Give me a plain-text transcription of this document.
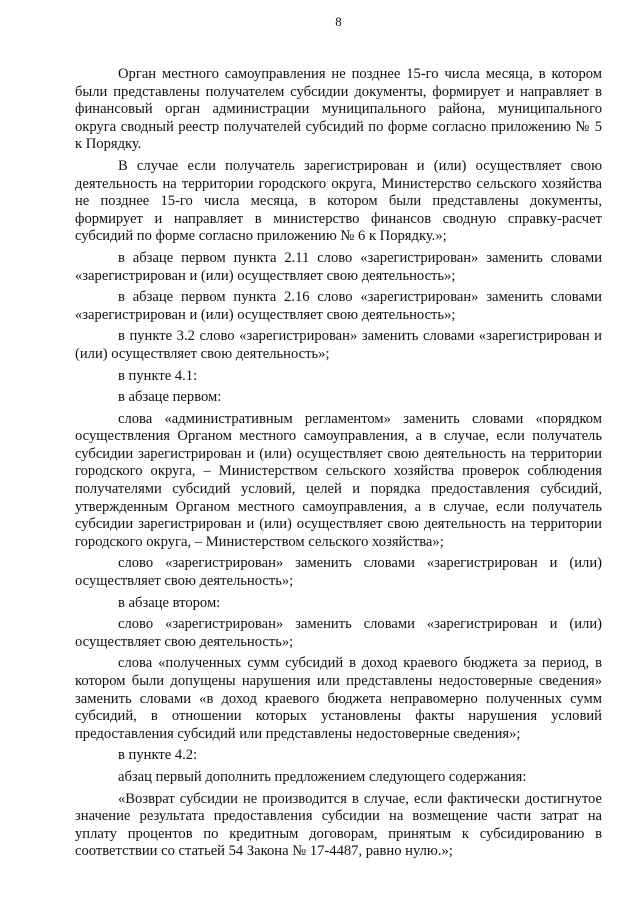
8

Орган местного самоуправления не позднее 15-го числа месяца, в котором были представлены получателем субсидии документы, формирует и направляет в финансовый орган администрации муниципального района, муниципального округа сводный реестр получателей субсидий по форме согласно приложению № 5 к Порядку.

В случае если получатель зарегистрирован и (или) осуществляет свою деятельность на территории городского округа, Министерство сельского хозяйства не позднее 15-го числа месяца, в котором были представлены документы, формирует и направляет в министерство финансов сводную справку-расчет субсидий по форме согласно приложению № 6 к Порядку.»;

в абзаце первом пункта 2.11 слово «зарегистрирован» заменить словами «зарегистрирован и (или) осуществляет свою деятельность»;

в абзаце первом пункта 2.16 слово «зарегистрирован» заменить словами «зарегистрирован и (или) осуществляет свою деятельность»;

в пункте 3.2 слово «зарегистрирован» заменить словами «зарегистрирован и (или) осуществляет свою деятельность»;

в пункте 4.1:

в абзаце первом:

слова «административным регламентом» заменить словами «порядком осуществления Органом местного самоуправления, а в случае, если получатель субсидии зарегистрирован и (или) осуществляет свою деятельность на территории городского округа, – Министерством сельского хозяйства проверок соблюдения получателями субсидий условий, целей и порядка предоставления субсидий, утвержденным Органом местного самоуправления, а в случае, если получатель субсидии зарегистрирован и (или) осуществляет свою деятельность на территории городского округа, – Министерством сельского хозяйства»;

слово «зарегистрирован» заменить словами «зарегистрирован и (или) осуществляет свою деятельность»;

в абзаце втором:

слово «зарегистрирован» заменить словами «зарегистрирован и (или) осуществляет свою деятельность»;

слова «полученных сумм субсидий в доход краевого бюджета за период, в котором были допущены нарушения или представлены недостоверные сведения» заменить словами «в доход краевого бюджета неправомерно полученных сумм субсидий, в отношении которых установлены факты нарушения условий предоставления субсидий или представлены недостоверные сведения»;

в пункте 4.2:

абзац первый дополнить предложением следующего содержания:

«Возврат субсидии не производится в случае, если фактически достигнутое значение результата предоставления субсидии на возмещение части затрат на уплату процентов по кредитным договорам, принятым к субсидированию в соответствии со статьей 54 Закона № 17-4487, равно нулю.»;
